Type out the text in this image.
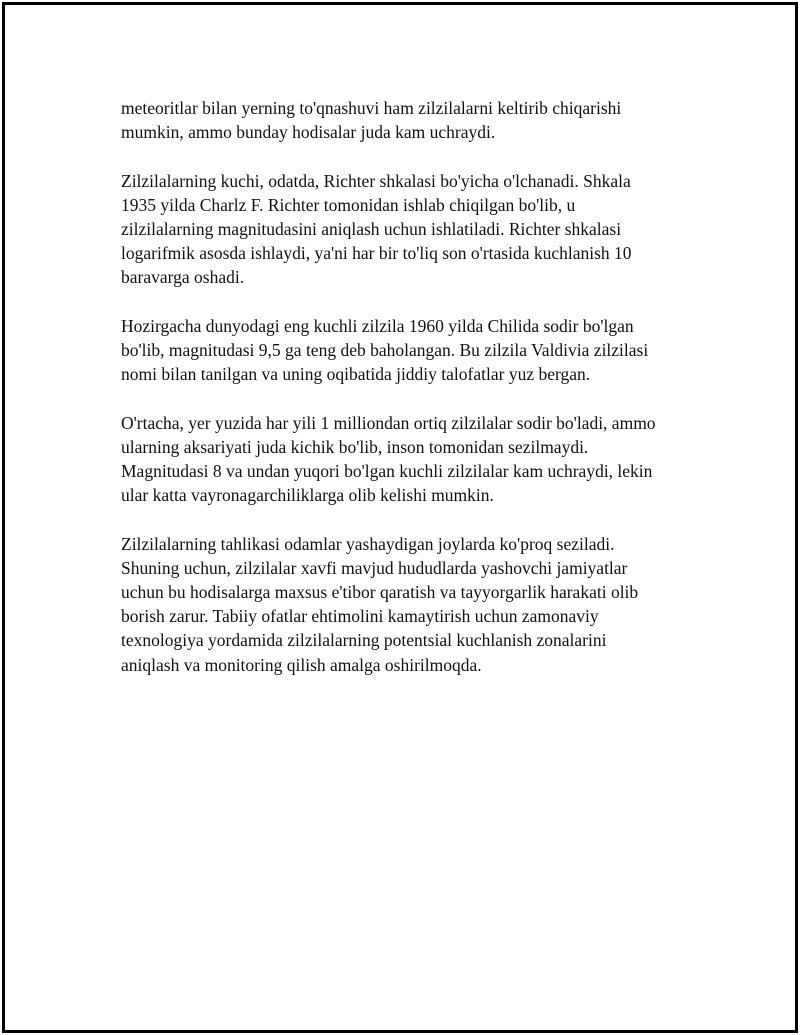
meteoritlar bilan yerning to'qnashuvi ham zilzilalarni keltirib chiqarishi
mumkin, ammo bunday hodisalar juda kam uchraydi.

Zilzilalarning kuchi, odatda, Richter shkalasi bo'yicha o'lchanadi. Shkala
1935 yilda Charlz F. Richter tomonidan ishlab chiqilgan bo'lib, u
zilzilalarning magnitudasini aniqlash uchun ishlatiladi. Richter shkalasi
logarifmik asosda ishlaydi, ya'ni har bir to'liq son o'rtasida kuchlanish 10
baravarga oshadi.

Hozirgacha dunyodagi eng kuchli zilzila 1960 yilda Chilida sodir bo'lgan
bo'lib, magnitudasi 9,5 ga teng deb baholangan. Bu zilzila Valdivia zilzilasi
nomi bilan tanilgan va uning oqibatida jiddiy talofatlar yuz bergan.

O'rtacha, yer yuzida har yili 1 milliondan ortiq zilzilalar sodir bo'ladi, ammo
ularning aksariyati juda kichik bo'lib, inson tomonidan sezilmaydi.
Magnitudasi 8 va undan yuqori bo'lgan kuchli zilzilalar kam uchraydi, lekin
ular katta vayronagarchiliklarga olib kelishi mumkin.

Zilzilalarning tahlikasi odamlar yashaydigan joylarda ko'proq seziladi.
Shuning uchun, zilzilalar xavfi mavjud hududlarda yashovchi jamiyatlar
uchun bu hodisalarga maxsus e'tibor qaratish va tayyorgarlik harakati olib
borish zarur. Tabiiy ofatlar ehtimolini kamaytirish uchun zamonaviy
texnologiya yordamida zilzilalarning potentsial kuchlanish zonalarini
aniqlash va monitoring qilish amalga oshirilmoqda.
